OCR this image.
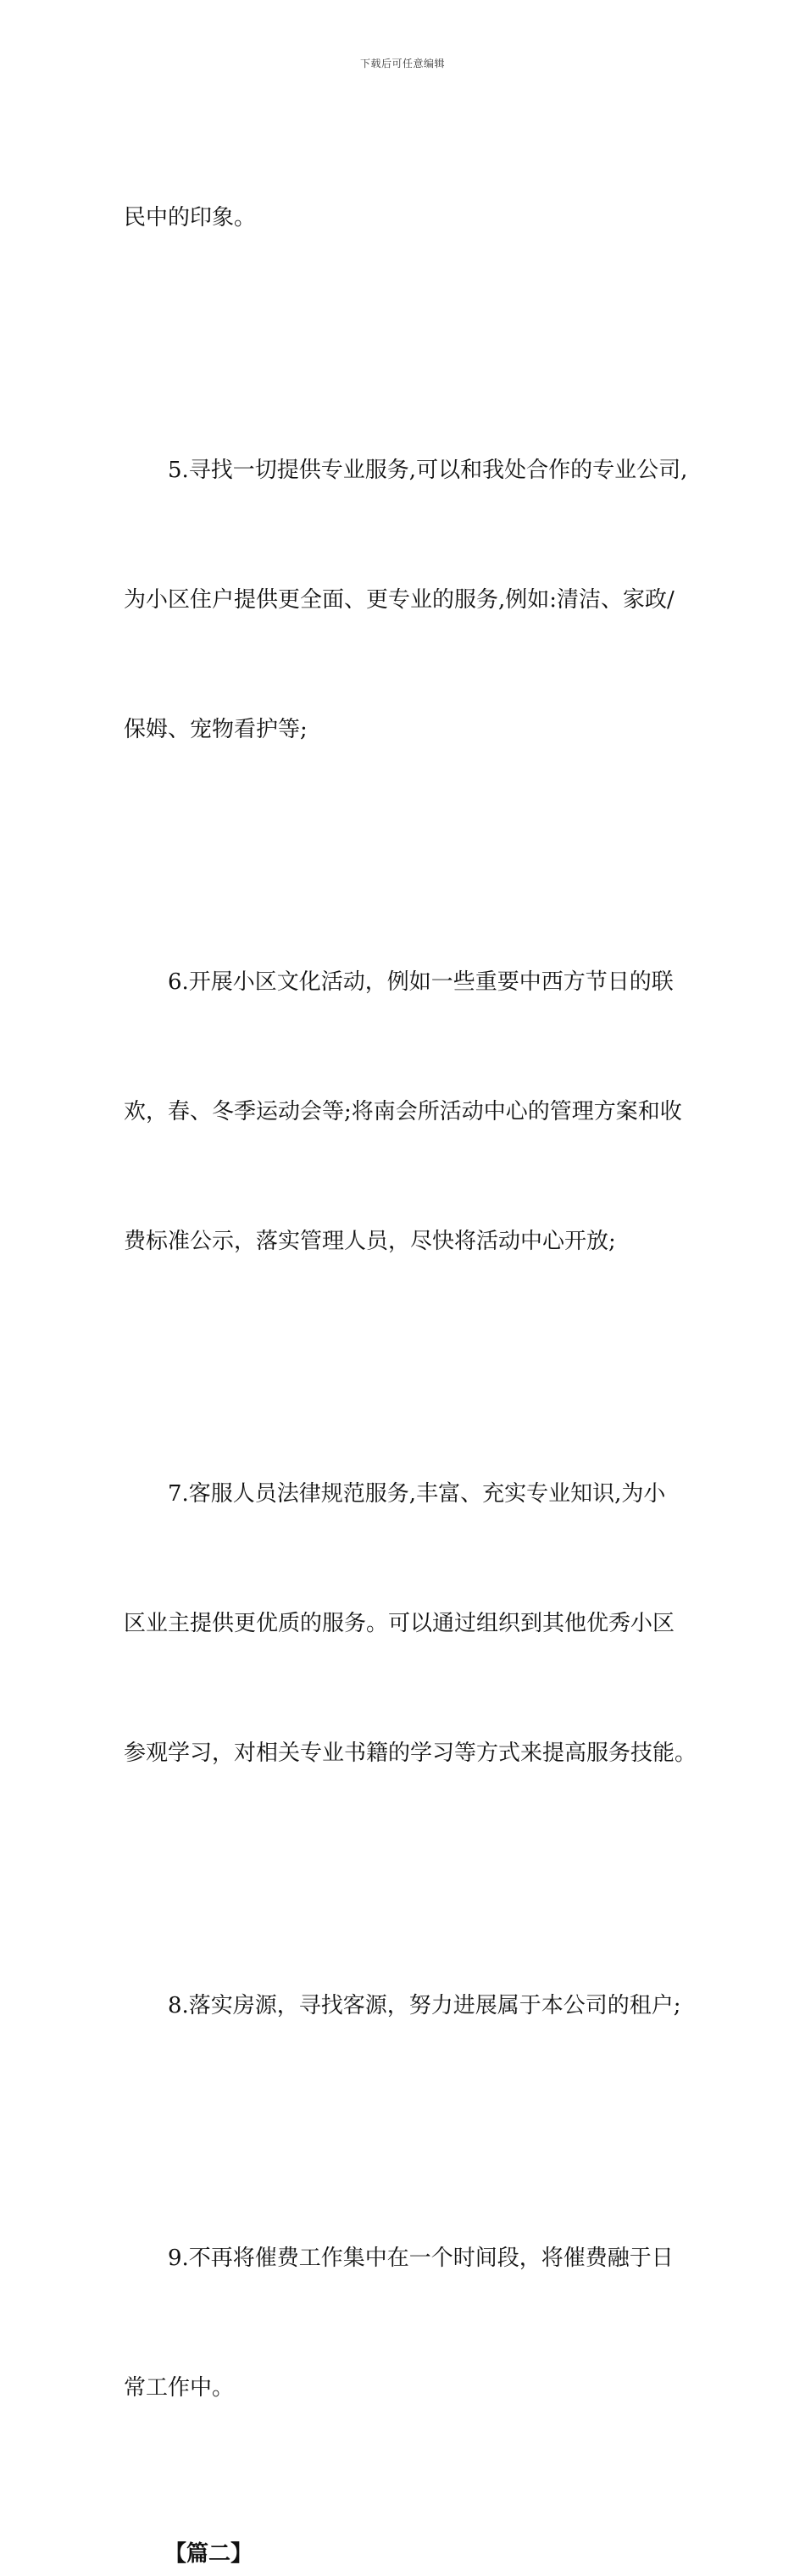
下载后可任意编辑

民中的印象。

5.寻找一切提供专业服务,可以和我处合作的专业公司,

为小区住户提供更全面、更专业的服务,例如:清洁、家政/

保姆、宠物看护等;

6.开展小区文化活动，例如一些重要中西方节日的联

欢，春、冬季运动会等;将南会所活动中心的管理方案和收

费标准公示，落实管理人员，尽快将活动中心开放;

7.客服人员法律规范服务,丰富、充实专业知识,为小

区业主提供更优质的服务。可以通过组织到其他优秀小区

参观学习，对相关专业书籍的学习等方式来提高服务技能。

8.落实房源，寻找客源，努力进展属于本公司的租户;

9.不再将催费工作集中在一个时间段，将催费融于日

常工作中。

【篇二】
